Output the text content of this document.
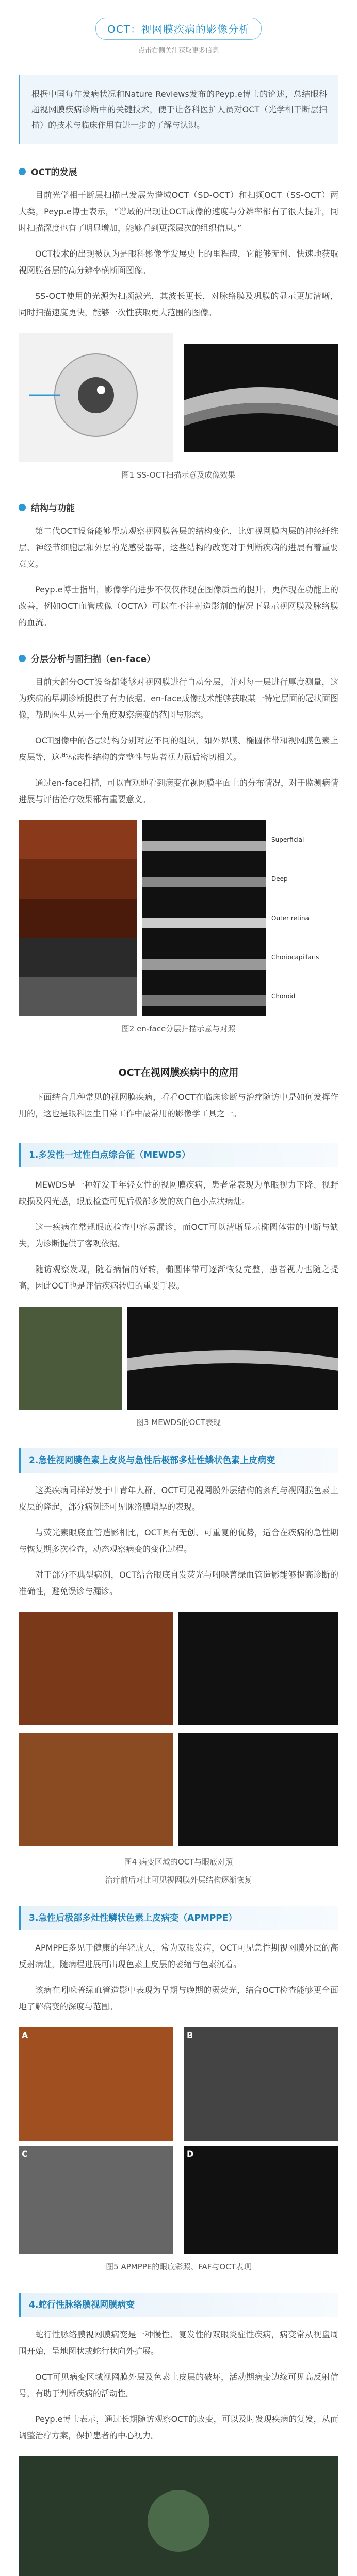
OCT：视网膜疾病的影像分析
点击右侧关注获取更多信息
根据中国每年发病状况和Nature Reviews发布的Peyp.e博士的论述，总结眼科超视网膜疾病诊断中的关键技术，便于让各科医护人员对OCT（光学相干断层扫描）的技术与临床作用有进一步的了解与认识。
OCT的发展
目前光学相干断层扫描已发展为谱域OCT（SD-OCT）和扫频OCT（SS-OCT）两大类，Peyp.e博士表示，“谱域的出现让OCT成像的速度与分辨率都有了很大提升，同时扫描深度也有了明显增加，能够看到更深层次的组织信息。”
OCT技术的出现被认为是眼科影像学发展史上的里程碑，它能够无创、快速地获取视网膜各层的高分辨率横断面图像。
SS-OCT使用的光源为扫频激光，其波长更长，对脉络膜及巩膜的显示更加清晰，同时扫描速度更快，能够一次性获取更大范围的图像。
图1 SS-OCT扫描示意及成像效果
结构与功能
第二代OCT设备能够帮助观察视网膜各层的结构变化，比如视网膜内层的神经纤维层、神经节细胞层和外层的光感受器等，这些结构的改变对于判断疾病的进展有着重要意义。
Peyp.e博士指出，影像学的进步不仅仅体现在图像质量的提升，更体现在功能上的改善，例如OCT血管成像（OCTA）可以在不注射造影剂的情况下显示视网膜及脉络膜的血流。
分层分析与面扫描（en-face）
目前大部分OCT设备都能够对视网膜进行自动分层，并对每一层进行厚度测量，这为疾病的早期诊断提供了有力依据。en-face成像技术能够获取某一特定层面的冠状面图像，帮助医生从另一个角度观察病变的范围与形态。
OCT图像中的各层结构分别对应不同的组织，如外界膜、椭圆体带和视网膜色素上皮层等，这些标志性结构的完整性与患者视力预后密切相关。
通过en-face扫描，可以直观地看到病变在视网膜平面上的分布情况，对于监测病情进展与评估治疗效果都有重要意义。
Superficial
Deep
Outer retina
Choriocapillaris
Choroid
图2 en-face分层扫描示意与对照
OCT在视网膜疾病中的应用
下面结合几种常见的视网膜疾病，看看OCT在临床诊断与治疗随访中是如何发挥作用的，这也是眼科医生日常工作中最常用的影像学工具之一。
1.多发性一过性白点综合征（MEWDS）
MEWDS是一种好发于年轻女性的视网膜疾病，患者常表现为单眼视力下降、视野缺损及闪光感，眼底检查可见后极部多发的灰白色小点状病灶。
这一疾病在常规眼底检查中容易漏诊，而OCT可以清晰显示椭圆体带的中断与缺失，为诊断提供了客观依据。
随访观察发现，随着病情的好转，椭圆体带可逐渐恢复完整，患者视力也随之提高，因此OCT也是评估疾病转归的重要手段。
图3 MEWDS的OCT表现
2.急性视网膜色素上皮炎与急性后极部多灶性鳞状色素上皮病变
这类疾病同样好发于中青年人群，OCT可见视网膜外层结构的紊乱与视网膜色素上皮层的隆起，部分病例还可见脉络膜增厚的表现。
与荧光素眼底血管造影相比，OCT具有无创、可重复的优势，适合在疾病的急性期与恢复期多次检查，动态观察病变的变化过程。
对于部分不典型病例，OCT结合眼底自发荧光与吲哚菁绿血管造影能够提高诊断的准确性，避免误诊与漏诊。
图4 病变区域的OCT与眼底对照
治疗前后对比可见视网膜外层结构逐渐恢复
3.急性后极部多灶性鳞状色素上皮病变（APMPPE）
APMPPE多见于健康的年轻成人，常为双眼发病，OCT可见急性期视网膜外层的高反射病灶，随病程进展可出现色素上皮层的萎缩与色素沉着。
该病在吲哚菁绿血管造影中表现为早期与晚期的弱荧光，结合OCT检查能够更全面地了解病变的深度与范围。
A	B
C	D
图5 APMPPE的眼底彩照、FAF与OCT表现
4.蛇行性脉络膜视网膜病变
蛇行性脉络膜视网膜病变是一种慢性、复发性的双眼炎症性疾病，病变常从视盘周围开始，呈地图状或蛇行状向外扩展。
OCT可见病变区域视网膜外层及色素上皮层的破坏，活动期病变边缘可见高反射信号，有助于判断疾病的活动性。
Peyp.e博士表示，通过长期随访观察OCT的改变，可以及时发现疾病的复发，从而调整治疗方案，保护患者的中心视力。
